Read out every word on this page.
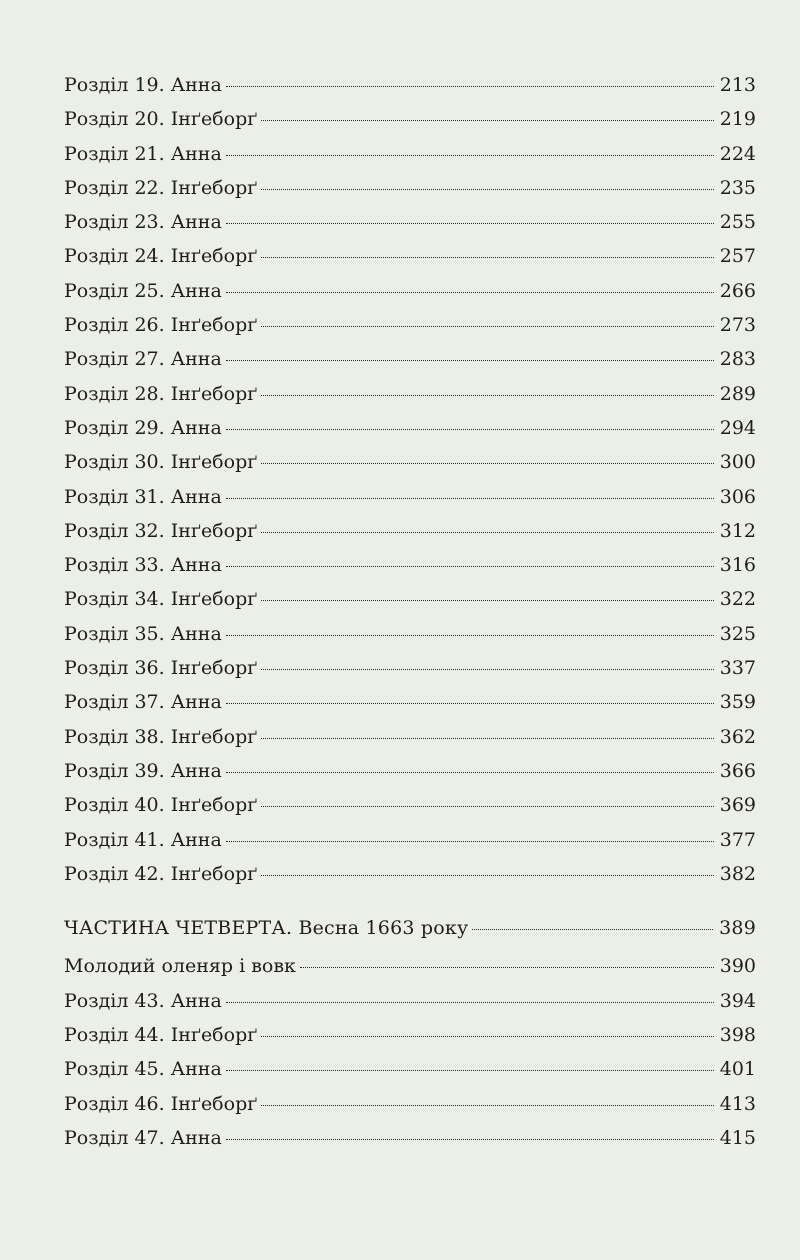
Розділ 19. Анна	213
Розділ 20. Інґеборґ	219
Розділ 21. Анна	224
Розділ 22. Інґеборґ	235
Розділ 23. Анна	255
Розділ 24. Інґеборґ	257
Розділ 25. Анна	266
Розділ 26. Інґеборґ	273
Розділ 27. Анна	283
Розділ 28. Інґеборґ	289
Розділ 29. Анна	294
Розділ 30. Інґеборґ	300
Розділ 31. Анна	306
Розділ 32. Інґеборґ	312
Розділ 33. Анна	316
Розділ 34. Інґеборґ	322
Розділ 35. Анна	325
Розділ 36. Інґеборґ	337
Розділ 37. Анна	359
Розділ 38. Інґеборґ	362
Розділ 39. Анна	366
Розділ 40. Інґеборґ	369
Розділ 41. Анна	377
Розділ 42. Інґеборґ	382
ЧАСТИНА ЧЕТВЕРТА. Весна 1663 року	389
Молодий оленяр і вовк	390
Розділ 43. Анна	394
Розділ 44. Інґеборґ	398
Розділ 45. Анна	401
Розділ 46. Інґеборґ	413
Розділ 47. Анна	415
